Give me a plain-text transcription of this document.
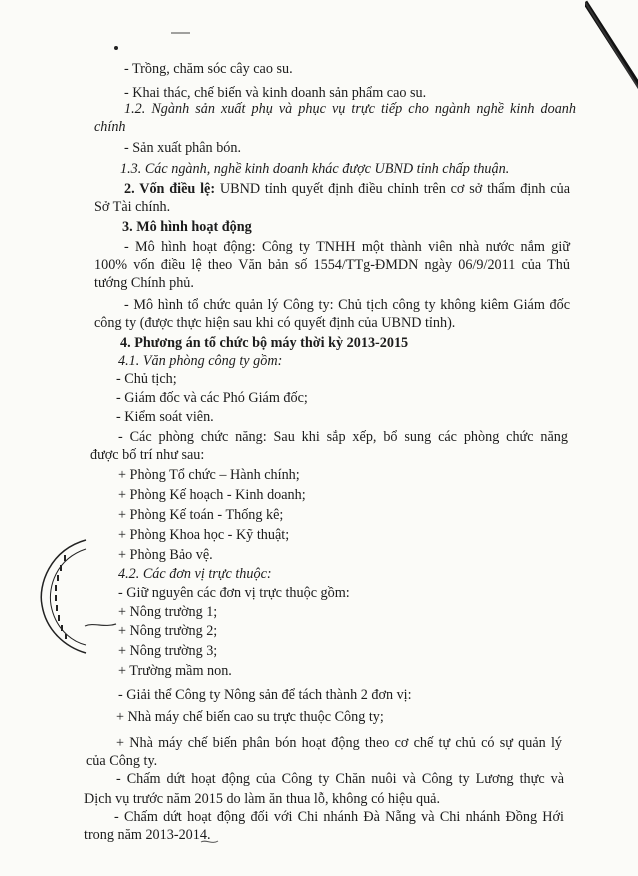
- Trồng, chăm sóc cây cao su.
- Khai thác, chế biến và kinh doanh sản phẩm cao su.
1.2. Ngành sản xuất phụ và phục vụ trực tiếp cho ngành nghề kinh doanh
chính
- Sản xuất phân bón.
1.3. Các ngành, nghề kinh doanh khác được UBND tỉnh chấp thuận.
2. Vốn điều lệ: UBND tỉnh quyết định điều chỉnh trên cơ sở thẩm định của
Sở Tài chính.
3. Mô hình hoạt động
- Mô hình hoạt động: Công ty TNHH một thành viên nhà nước nắm giữ
100% vốn điều lệ theo Văn bản số 1554/TTg-ĐMDN ngày 06/9/2011 của Thủ
tướng Chính phủ.
- Mô hình tổ chức quản lý Công ty: Chủ tịch công ty không kiêm Giám đốc
công ty (được thực hiện sau khi có quyết định của UBND tỉnh).
4. Phương án tổ chức bộ máy thời kỳ 2013-2015
4.1. Văn phòng công ty gồm:
- Chủ tịch;
- Giám đốc và các Phó Giám đốc;
- Kiểm soát viên.
- Các phòng chức năng: Sau khi sắp xếp, bổ sung các phòng chức năng
được bố trí như sau:
+ Phòng Tổ chức – Hành chính;
+ Phòng Kế hoạch - Kinh doanh;
+ Phòng Kế toán - Thống kê;
+ Phòng Khoa học - Kỹ thuật;
+ Phòng Bảo vệ.
4.2. Các đơn vị trực thuộc:
- Giữ nguyên các đơn vị trực thuộc gồm:
+ Nông trường 1;
+ Nông trường 2;
+ Nông trường 3;
+ Trường mầm non.
- Giải thể Công ty Nông sản để tách thành 2 đơn vị:
+ Nhà máy chế biến cao su trực thuộc Công ty;
+ Nhà máy chế biến phân bón hoạt động theo cơ chế tự chủ có sự quản lý
của Công ty.
- Chấm dứt hoạt động của Công ty Chăn nuôi và Công ty Lương thực và
Dịch vụ trước năm 2015 do làm ăn thua lỗ, không có hiệu quả.
- Chấm dứt hoạt động đối với Chi nhánh Đà Nẵng và Chi nhánh Đồng Hới
trong năm 2013-2014.
